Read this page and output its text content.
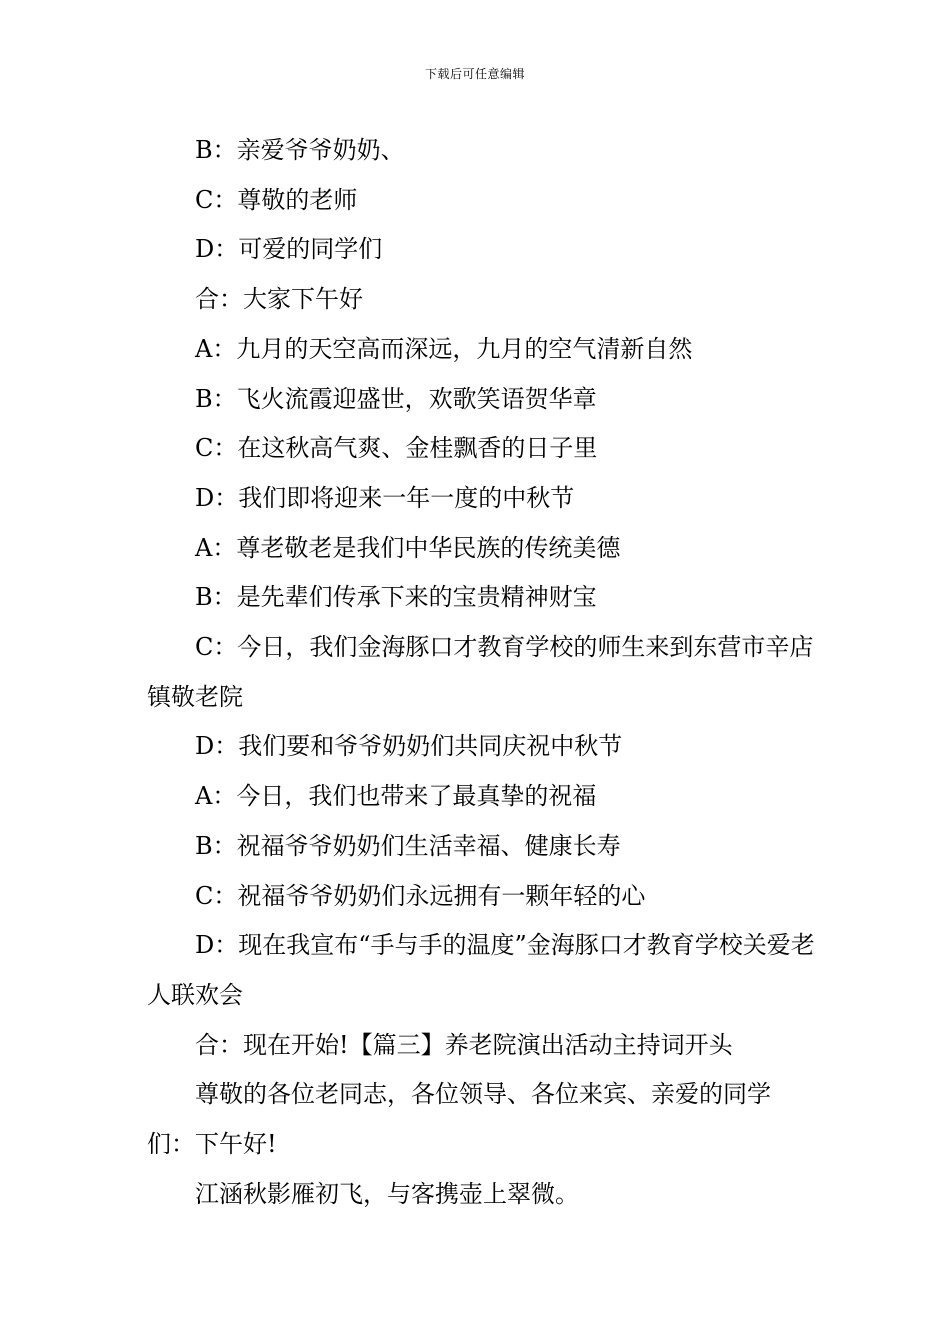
下载后可任意编辑

B：亲爱爷爷奶奶、

C：尊敬的老师

D：可爱的同学们

合：大家下午好

A：九月的天空高而深远，九月的空气清新自然

B：飞火流霞迎盛世，欢歌笑语贺华章

C：在这秋高气爽、金桂飘香的日子里

D：我们即将迎来一年一度的中秋节

A：尊老敬老是我们中华民族的传统美德

B：是先辈们传承下来的宝贵精神财宝

C：今日，我们金海豚口才教育学校的师生来到东营市辛店镇敬老院

D：我们要和爷爷奶奶们共同庆祝中秋节

A：今日，我们也带来了最真挚的祝福

B：祝福爷爷奶奶们生活幸福、健康长寿

C：祝福爷爷奶奶们永远拥有一颗年轻的心

D：现在我宣布“手与手的温度”金海豚口才教育学校关爱老人联欢会

合：现在开始!【篇三】养老院演出活动主持词开头

尊敬的各位老同志，各位领导、各位来宾、亲爱的同学们：下午好!

江涵秋影雁初飞，与客携壶上翠微。
